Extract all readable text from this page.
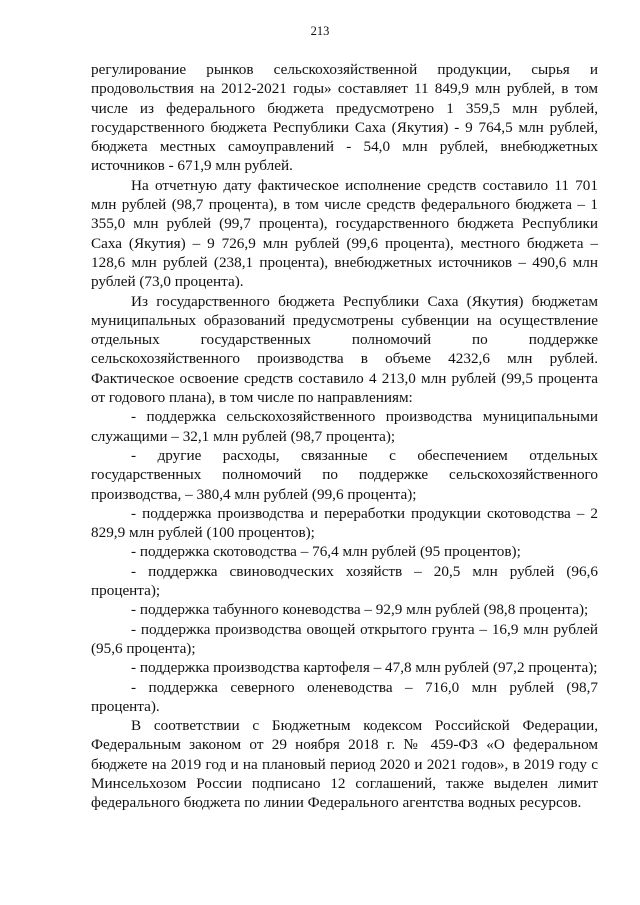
213

регулирование рынков сельскохозяйственной продукции, сырья и продовольствия на 2012-2021 годы» составляет 11 849,9 млн рублей, в том числе из федерального бюджета предусмотрено 1 359,5 млн рублей, государственного бюджета Республики Саха (Якутия) - 9 764,5 млн рублей, бюджета местных самоуправлений - 54,0 млн рублей, внебюджетных источников - 671,9 млн рублей.

На отчетную дату фактическое исполнение средств составило 11 701 млн рублей (98,7 процента), в том числе средств федерального бюджета – 1 355,0 млн рублей (99,7 процента), государственного бюджета Республики Саха (Якутия) – 9 726,9 млн рублей (99,6 процента), местного бюджета – 128,6 млн рублей (238,1 процента), внебюджетных источников – 490,6 млн рублей (73,0 процента).

Из государственного бюджета Республики Саха (Якутия) бюджетам муниципальных образований предусмотрены субвенции на осуществление отдельных государственных полномочий по поддержке сельскохозяйственного производства в объеме 4232,6 млн рублей. Фактическое освоение средств составило 4 213,0 млн рублей (99,5 процента от годового плана), в том числе по направлениям:

- поддержка сельскохозяйственного производства муниципальными служащими – 32,1 млн рублей (98,7 процента);

- другие расходы, связанные с обеспечением отдельных государственных полномочий по поддержке сельскохозяйственного производства, – 380,4 млн рублей (99,6 процента);

- поддержка производства и переработки продукции скотоводства – 2 829,9 млн рублей (100 процентов);

- поддержка скотоводства – 76,4 млн рублей (95 процентов);

- поддержка свиноводческих хозяйств – 20,5 млн рублей (96,6 процента);

- поддержка табунного коневодства – 92,9 млн рублей (98,8 процента);

- поддержка производства овощей открытого грунта – 16,9 млн рублей (95,6 процента);

- поддержка производства картофеля – 47,8 млн рублей (97,2 процента);

- поддержка северного оленеводства – 716,0 млн рублей (98,7 процента).

В соответствии с Бюджетным кодексом Российской Федерации, Федеральным законом от 29 ноября 2018 г. № 459-ФЗ «О федеральном бюджете на 2019 год и на плановый период 2020 и 2021 годов», в 2019 году с Минсельхозом России подписано 12 соглашений, также выделен лимит федерального бюджета по линии Федерального агентства водных ресурсов.
